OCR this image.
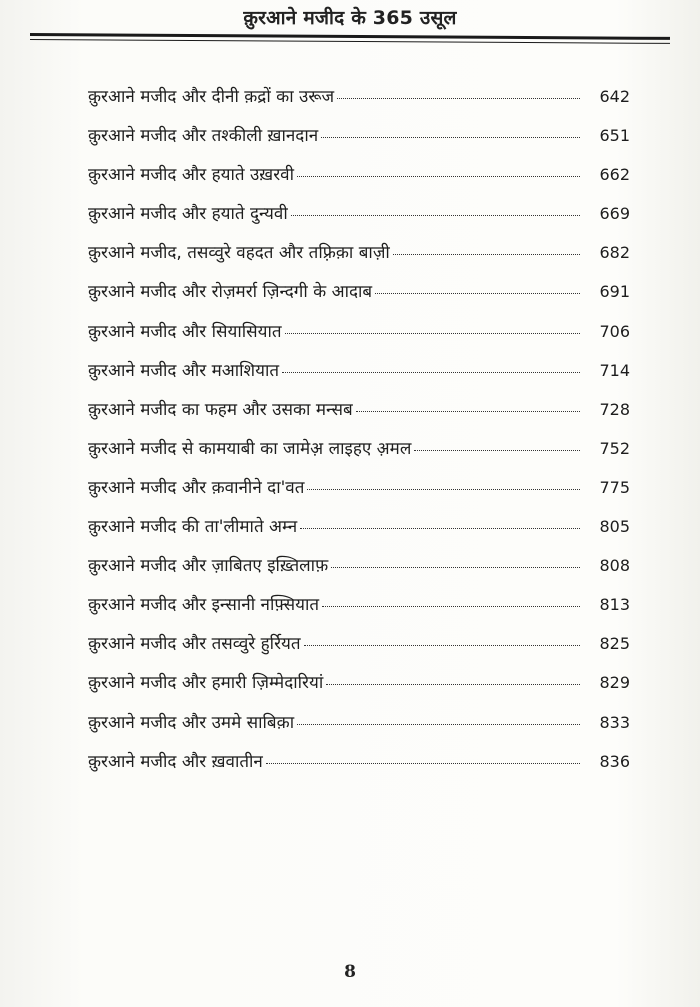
क़ुरआने मजीद के 365 उसूल
क़ुरआने मजीद और दीनी क़द्रों का उरूज	642
क़ुरआने मजीद और तश्कीली ख़ानदान	651
क़ुरआने मजीद और हयाते उख़रवी	662
क़ुरआने मजीद और हयाते दुन्यवी	669
क़ुरआने मजीद, तसव्वुरे वहदत और तफ़्रिक़ा बाज़ी	682
क़ुरआने मजीद और रोज़मर्रा ज़िन्दगी के आदाब	691
क़ुरआने मजीद और सियासियात	706
क़ुरआने मजीद और मआशियात	714
क़ुरआने मजीद का फहम और उसका मन्सब	728
क़ुरआने मजीद से कामयाबी का जामेअ़ लाइहए अ़मल	752
क़ुरआने मजीद और क़वानीने दा'वत	775
क़ुरआने मजीद की ता'लीमाते अम्न	805
क़ुरआने मजीद और ज़ाबितए इख़्तिलाफ़	808
क़ुरआने मजीद और इन्सानी नफ़्सियात	813
क़ुरआने मजीद और तसव्वुरे हुर्रियत	825
क़ुरआने मजीद और हमारी ज़िम्मेदारियां	829
क़ुरआने मजीद और उममे साबिक़ा	833
क़ुरआने मजीद और ख़वातीन	836
8
